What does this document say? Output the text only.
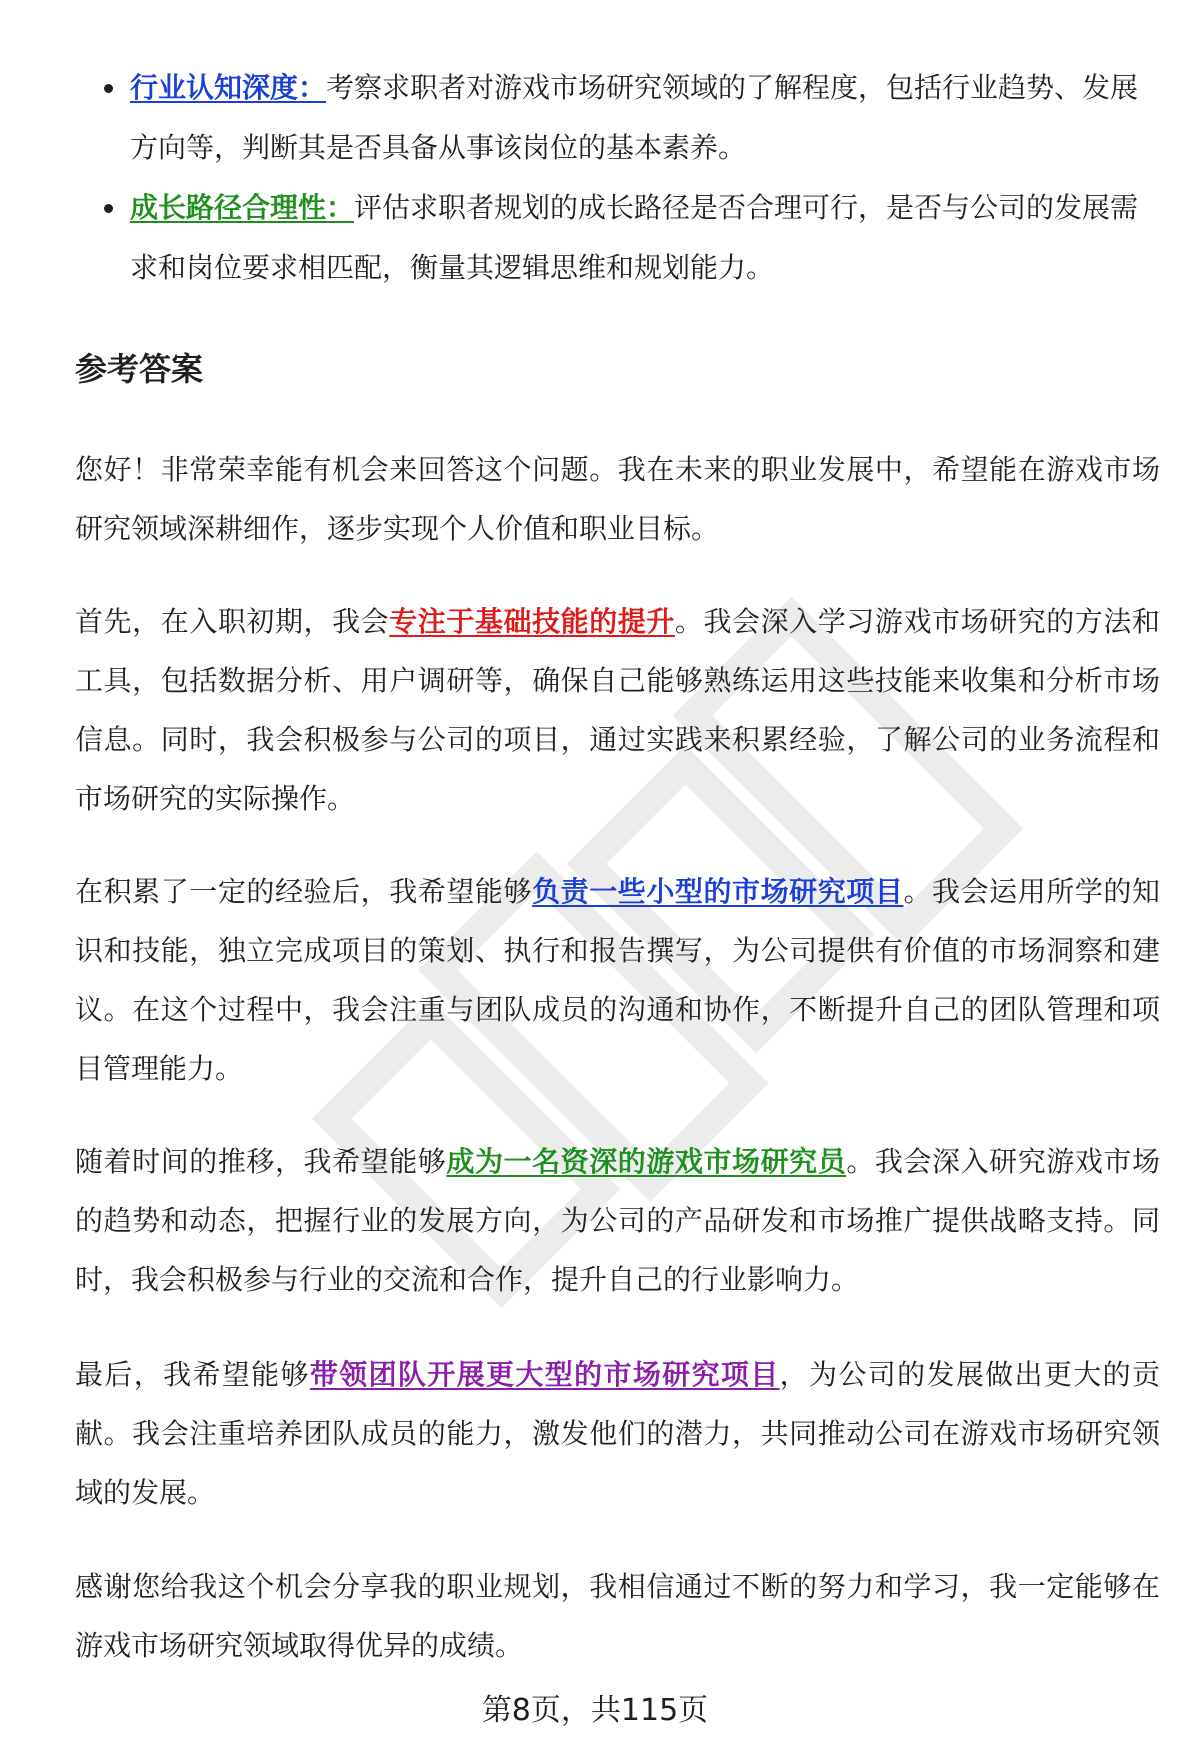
行业认知深度：考察求职者对游戏市场研究领域的了解程度，包括行业趋势、发展方向等，判断其是否具备从事该岗位的基本素养。
成长路径合理性：评估求职者规划的成长路径是否合理可行，是否与公司的发展需求和岗位要求相匹配，衡量其逻辑思维和规划能力。
参考答案

您好！非常荣幸能有机会来回答这个问题。我在未来的职业发展中，希望能在游戏市场研究领域深耕细作，逐步实现个人价值和职业目标。

首先，在入职初期，我会专注于基础技能的提升。我会深入学习游戏市场研究的方法和工具，包括数据分析、用户调研等，确保自己能够熟练运用这些技能来收集和分析市场信息。同时，我会积极参与公司的项目，通过实践来积累经验，了解公司的业务流程和市场研究的实际操作。

在积累了一定的经验后，我希望能够负责一些小型的市场研究项目。我会运用所学的知识和技能，独立完成项目的策划、执行和报告撰写，为公司提供有价值的市场洞察和建议。在这个过程中，我会注重与团队成员的沟通和协作，不断提升自己的团队管理和项目管理能力。

随着时间的推移，我希望能够成为一名资深的游戏市场研究员。我会深入研究游戏市场的趋势和动态，把握行业的发展方向，为公司的产品研发和市场推广提供战略支持。同时，我会积极参与行业的交流和合作，提升自己的行业影响力。

最后，我希望能够带领团队开展更大型的市场研究项目，为公司的发展做出更大的贡献。我会注重培养团队成员的能力，激发他们的潜力，共同推动公司在游戏市场研究领域的发展。

感谢您给我这个机会分享我的职业规划，我相信通过不断的努力和学习，我一定能够在游戏市场研究领域取得优异的成绩。

第8页，共115页
